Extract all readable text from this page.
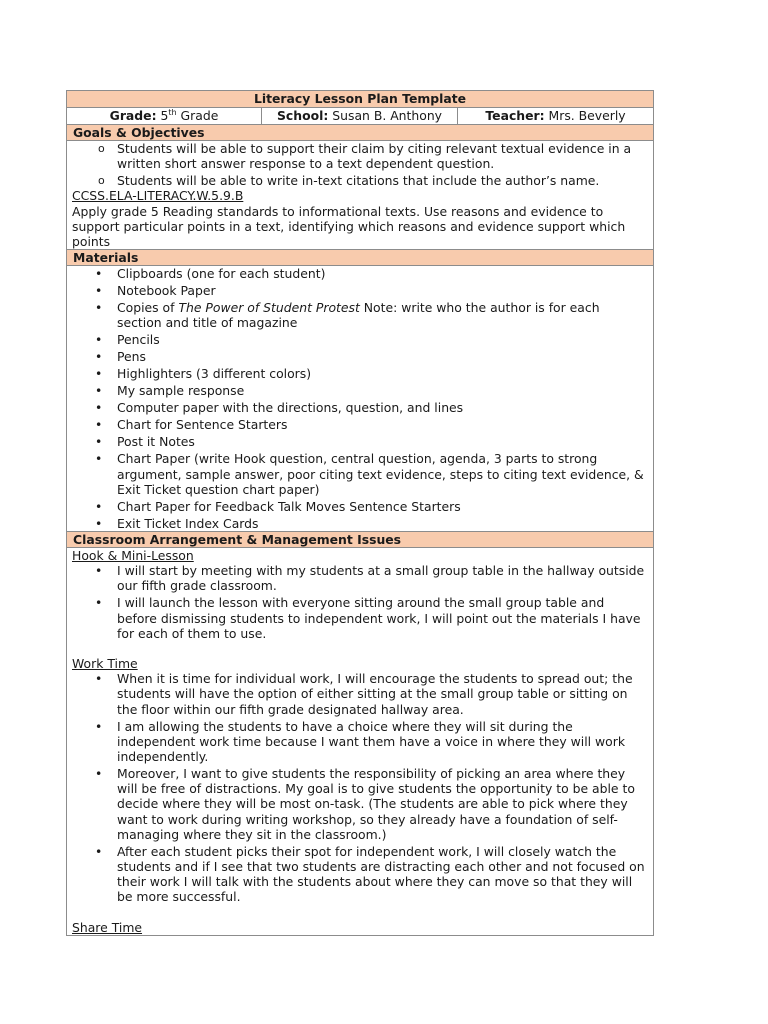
Literacy Lesson Plan Template
Grade: 5th Grade	School: Susan B. Anthony	Teacher: Mrs. Beverly
Goals & Objectives
o Students will be able to support their claim by citing relevant textual evidence in a written short answer response to a text dependent question.
o Students will be able to write in-text citations that include the author’s name.
CCSS.ELA-LITERACY.W.5.9.B
Apply grade 5 Reading standards to informational texts. Use reasons and evidence to support particular points in a text, identifying which reasons and evidence support which points
Materials
• Clipboards (one for each student)
• Notebook Paper
• Copies of The Power of Student Protest Note: write who the author is for each section and title of magazine
• Pencils
• Pens
• Highlighters (3 different colors)
• My sample response
• Computer paper with the directions, question, and lines
• Chart for Sentence Starters
• Post it Notes
• Chart Paper (write Hook question, central question, agenda, 3 parts to strong argument, sample answer, poor citing text evidence, steps to citing text evidence, & Exit Ticket question chart paper)
• Chart Paper for Feedback Talk Moves Sentence Starters
• Exit Ticket Index Cards
Classroom Arrangement & Management Issues
Hook & Mini-Lesson
• I will start by meeting with my students at a small group table in the hallway outside our fifth grade classroom.
• I will launch the lesson with everyone sitting around the small group table and before dismissing students to independent work, I will point out the materials I have for each of them to use.
Work Time
• When it is time for individual work, I will encourage the students to spread out; the students will have the option of either sitting at the small group table or sitting on the floor within our fifth grade designated hallway area.
• I am allowing the students to have a choice where they will sit during the independent work time because I want them have a voice in where they will work independently.
• Moreover, I want to give students the responsibility of picking an area where they will be free of distractions. My goal is to give students the opportunity to be able to decide where they will be most on-task. (The students are able to pick where they want to work during writing workshop, so they already have a foundation of self-managing where they sit in the classroom.)
• After each student picks their spot for independent work, I will closely watch the students and if I see that two students are distracting each other and not focused on their work I will talk with the students about where they can move so that they will be more successful.
Share Time
